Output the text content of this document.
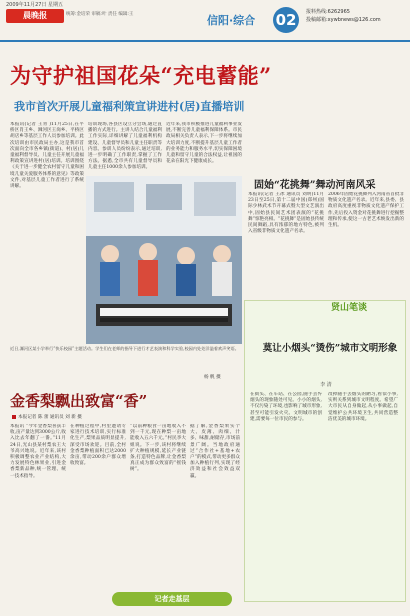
2009年11月27日 星期五
晨晚报	统筹:金培荣 审稿:叶 责任 编辑:王	信阳·综合 02	报料热线:6262965
投稿邮箱:xywbnews@126.com
为守护祖国花朵“充电蓄能”
我市首次开展儿童福利策宣讲进村(居)直播培训
本报讯(记者 王青 )11月25日,在平桥区肖王乡、浉河区王岗乡、平桥区胡店乡等基层工作人员参加培训。此次培训由市民政局主办,这是我市首次面向全市各乡镇(街道)、村(居)儿童福利督导员、儿童主任开展儿童福利政策宣讲进村(居)培训。培训围绕《关于进一步健全农村留守儿童和困境儿童关爱服务体系的意见》等政策文件,对基层儿童工作者进行了系统讲解。
培训现场,各县区设立分会场,通过直播的方式进行。主讲人结合儿童福利工作实际,详细讲解了儿童福利机构建设、儿童督导员和儿童主任职责等内容。参训人员纷纷表示,通过培训,进一步明确了工作职责,掌握了工作方法。据悉,全市共有儿童督导员和儿童主任1000余人参加培训。
近年来,我市积极推进儿童福利事业发展,不断完善儿童福利保障体系。市民政局相关负责人表示,下一步将继续加大培训力度,不断提升基层儿童工作者的业务能力和服务水平,切实保障困境儿童和留守儿童的合法权益,让祖国的花朵在阳光下健康成长。
近日,浉河区某小学举行“快乐校园”主题活动。学生们在老师的指导下进行才艺表演和科学实验,校园内处处洋溢着欢声笑语。
杨 帆 摄
固始“花挑舞”舞动河南风采
本报讯(记者 王冰 通讯员 刘明)11月23日至25日,第十二届中国(郑州)国际少林武术节开幕式暨大型文艺演出中,固始县民间艺术团表演的“花挑舞”惊艳亮相。“花挑舞”是固始县传统民间舞蹈,具有浓郁的地方特色,被列入省级非物质文化遗产名录。
2006年固始花挑舞列入河南省首批非物质文化遗产名录。近年来,县委、县政府高度重视非物质文化遗产保护工作,先后投入资金对花挑舞进行挖掘整理和传承,使这一古老艺术焕发出新的生机。
金香梨飘出致富“香”
本报记者 陈 蕾 通讯员 刘 新 摄
本报讯 “今年金香梨喜获丰收,亩产量达到3000公斤,收入比去年翻了一番。”11月24日,光山县某村梨农王大爷高兴地说。近年来,该村积极调整农业产业结构,大力发展特色林果业,引进金香梨新品种,统一管理、统一技术指导。
在种植过程中,村里邀请专家进行技术培训,实行标准化生产,梨果品质明显提升,深受市场欢迎。目前,全村金香梨种植面积已达2000余亩,带动200余户群众增收致富。
“以前种粮食一亩地收入不到一千元,现在种梨一亩地能收入五六千元。”村民李大姐说。下一步,该村将继续扩大种植规模,延长产业链条,打造特色品牌,让金香梨真正成为群众致富的“摇钱树”。
据了解,金香梨果实个大、皮薄、肉细、汁多、味甜,耐储存,市场前景广阔。当地政府通过“合作社+基地+农户”的模式,带动更多群众加入种植行列,实现了经济效益和社会效益双赢。
贤山笔谈
莫让小烟头“烫伤”城市文明形象
李 清
在街头、在车站、在公园,随手丢弃烟头的现象随处可见。小小的烟头,不仅污染了环境,也影响了城市形象,甚至可能引发火灾。文明城市的创建,需要每一位市民的参与。
改掉随手丢烟头的陋习,看似小事,实则关系到城市文明程度。希望广大市民从自身做起,从小事做起,自觉维护公共环境卫生,共同营造整洁优美的城市环境。
记者走基层
